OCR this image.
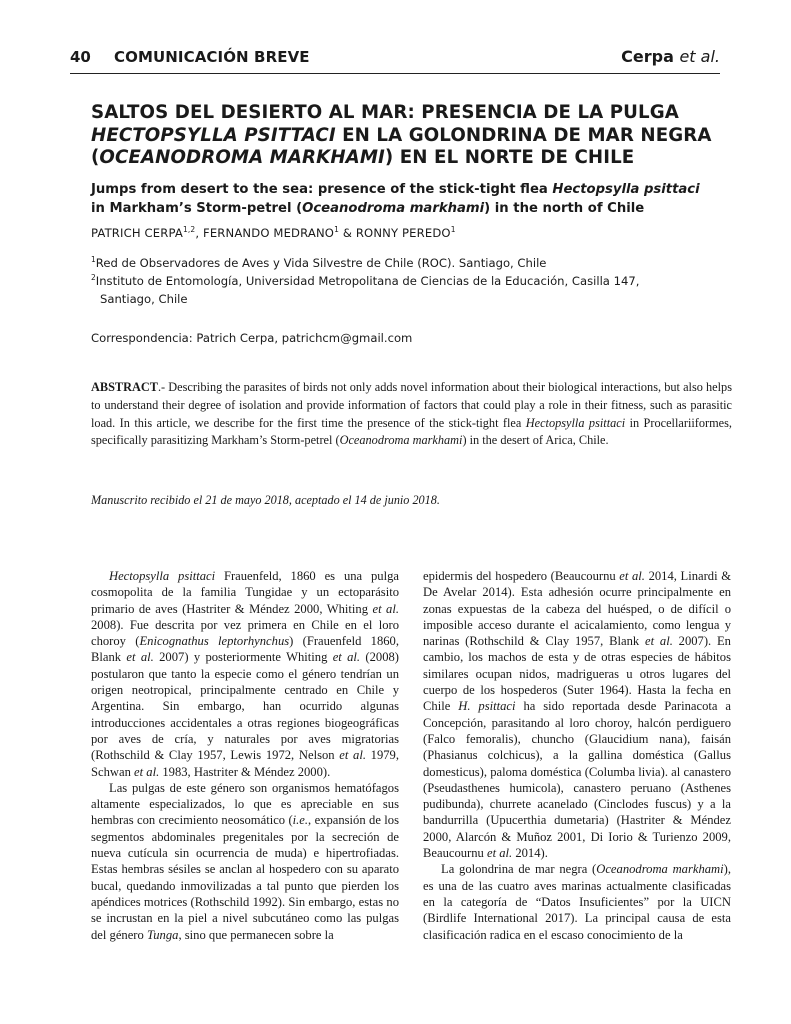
40 COMUNICACIÓN BREVE	Cerpa et al.
SALTOS DEL DESIERTO AL MAR: PRESENCIA DE LA PULGA
HECTOPSYLLA PSITTACI EN LA GOLONDRINA DE MAR NEGRA
(OCEANODROMA MARKHAMI) EN EL NORTE DE CHILE
Jumps from desert to the sea: presence of the stick-tight flea Hectopsylla psittaci
in Markham’s Storm-petrel (Oceanodroma markhami) in the north of Chile
PATRICH CERPA$^{1,2}$, FERNANDO MEDRANO$^1$ & RONNY PEREDO$^1$
$^1$Red de Observadores de Aves y Vida Silvestre de Chile (ROC). Santiago, Chile
$^2$Instituto de Entomología, Universidad Metropolitana de Ciencias de la Educación, Casilla 147,
Santiago, Chile
Correspondencia: Patrich Cerpa, patrichcm@gmail.com
ABSTRACT.- Describing the parasites of birds not only adds novel information about their biological interactions, but also helps to understand their degree of isolation and provide information of factors that could play a role in their fitness, such as parasitic load. In this article, we describe for the first time the presence of the stick-tight flea Hectopsylla psittaci in Procellariiformes, specifically parasitizing Markham’s Storm-petrel (Oceanodroma markhami) in the desert of Arica, Chile.
Manuscrito recibido el 21 de mayo 2018, aceptado el 14 de junio 2018.

Hectopsylla psittaci Frauenfeld, 1860 es una pulga cosmopolita de la familia Tungidae y un ectoparásito primario de aves (Hastriter & Méndez 2000, Whiting et al. 2008). Fue descrita por vez primera en Chile en el loro choroy (Enicognathus leptorhynchus) (Frauenfeld 1860, Blank et al. 2007) y posteriormente Whiting et al. (2008) postularon que tanto la especie como el género tendrían un origen neotropical, principalmente centrado en Chile y Argentina. Sin embargo, han ocurrido algunas introducciones accidentales a otras regiones biogeográficas por aves de cría, y naturales por aves migratorias (Rothschild & Clay 1957, Lewis 1972, Nelson et al. 1979, Schwan et al. 1983, Hastriter & Méndez 2000).

Las pulgas de este género son organismos hematófagos altamente especializados, lo que es apreciable en sus hembras con crecimiento neosomático (i.e., expansión de los segmentos abdominales pregenitales por la secreción de nueva cutícula sin ocurrencia de muda) e hipertrofiadas. Estas hembras sésiles se anclan al hospedero con su aparato bucal, quedando inmovilizadas a tal punto que pierden los apéndices motrices (Rothschild 1992). Sin embargo, estas no se incrustan en la piel a nivel subcutáneo como las pulgas del género Tunga, sino que permanecen sobre la

epidermis del hospedero (Beaucournu et al. 2014, Linardi & De Avelar 2014). Esta adhesión ocurre principalmente en zonas expuestas de la cabeza del huésped, o de difícil o imposible acceso durante el acicalamiento, como lengua y narinas (Rothschild & Clay 1957, Blank et al. 2007). En cambio, los machos de esta y de otras especies de hábitos similares ocupan nidos, madrigueras u otros lugares del cuerpo de los hospederos (Suter 1964). Hasta la fecha en Chile H. psittaci ha sido reportada desde Parinacota a Concepción, parasitando al loro choroy, halcón perdiguero (Falco femoralis), chuncho (Glaucidium nana), faisán (Phasianus colchicus), a la gallina doméstica (Gallus domesticus), paloma doméstica (Columba livia). al canastero (Pseudasthenes humicola), canastero peruano (Asthenes pudibunda), churrete acanelado (Cinclodes fuscus) y a la bandurrilla (Upucerthia dumetaria) (Hastriter & Méndez 2000, Alarcón & Muñoz 2001, Di Iorio & Turienzo 2009, Beaucournu et al. 2014).

La golondrina de mar negra (Oceanodroma markhami), es una de las cuatro aves marinas actualmente clasificadas en la categoría de “Datos Insuficientes” por la UICN (Birdlife International 2017). La principal causa de esta clasificación radica en el escaso conocimiento de la
